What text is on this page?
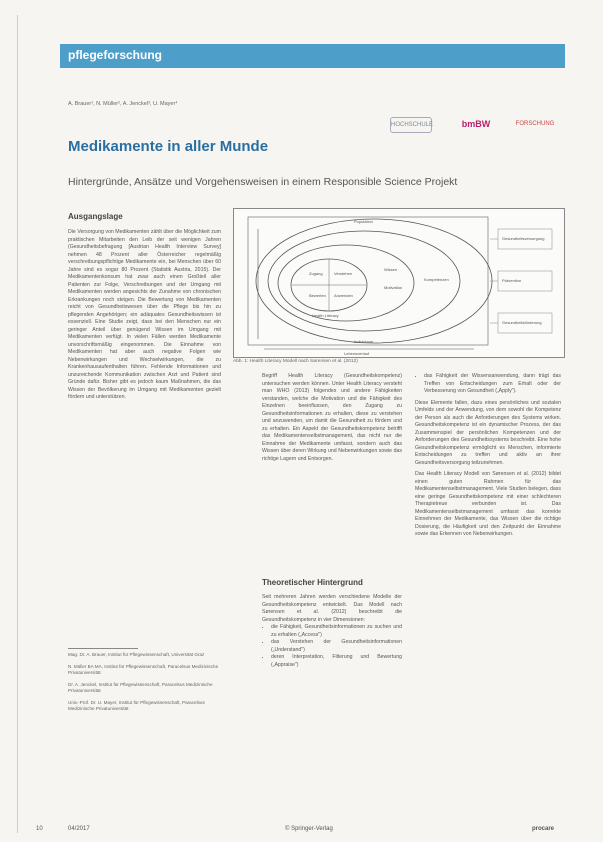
pflegeforschung
A. Brauer¹, N. Müller², A. Jenckel³, U. Mayer⁴
HOCHSCHULE	bmBW	FORSCHUNG
Medikamente in aller Munde
Hintergründe, Ansätze und Vorgehensweisen in einem Responsible Science Projekt
Ausgangslage

Die Versorgung von Medikamenten zählt über die Möglichkeit zum praktischen Mitarbeiten den Leib der seit wenigen Jahren (Gesundheitsbefragung [Austrian Health Interview Survey] nehmen 48 Prozent aller Österreicher regelmäßig verschreibungspflichtige Medikamente ein, bei Menschen über 60 Jahre sind es sogar 80 Prozent (Statistik Austria, 2015). Der Medikamentenkonsum hat zwar auch einen Großteil aller Patienten zur Folge, Verschreibungen und der Umgang mit Medikamenten werden angesichts der Zunahme von chronischen Erkrankungen noch steigen. Die Bewertung von Medikamenten reicht von Gesundheitswesen über die Pflege bis hin zu pflegenden Angehörigen; ein adäquates Gesundheitswissen ist essenziell. Eine Studie zeigt, dass bei den Menschen nur ein geringer Anteil über genügend Wissen im Umgang mit Medikamenten verfügt. In vielen Fällen werden Medikamente unvorschriftsmäßig eingenommen. Die Einnahme von Medikamenten hat aber auch negative Folgen wie Nebenwirkungen und Wechselwirkungen, die zu Krankenhausaufenthalten führen. Fehlende Informationen und unzureichende Kommunikation zwischen Arzt und Patient sind Gründe dafür. Bisher gibt es jedoch kaum Maßnahmen, die das Wissen der Bevölkerung im Umgang mit Medikamenten gezielt fördern und unterstützen.

Mag. Dr. A. Brauer, Institut für Pflegewissenschaft, Universität Graz
N. Müller BA MA, Institut für Pflegewissenschaft, Paracelsus Medizinische Privatuniversität
Dr. A. Jenckel, Institut für Pflegewissenschaft, Paracelsus Medizinische Privatuniversität
Univ.-Prof. Dr. U. Mayer, Institut für Pflegewissenschaft, Paracelsus Medizinische Privatuniversität
Zugang	Verstehen
Bewerten Anwenden
Gesundheitsversorgung
Prävention
Gesundheitsförderung
Health Literacy
Wissen
Motivation
Kompetenzen
Population
Individuum
Lebensverlauf
Abb. 1: Health Literacy Modell nach Sørensen et al. (2012)

Begriff Health Literacy (Gesundheitskompetenz) untersuchen werden können. Unter Health Literacy versteht man WHO (2013) folgendes und andere Fähigkeiten verstanden, welche die Motivation und die Fähigkeit des Einzelnen beeinflussen, den Zugang zu Gesundheitsinformationen zu erhalten, diese zu verstehen und anzuwenden, um damit die Gesundheit zu fördern und zu erhalten. Ein Aspekt der Gesundheitskompetenz betrifft das Medikamentenselbstmanagement, das nicht nur die Einnahme der Medikamente umfasst, sondern auch das Wissen über deren Wirkung und Nebenwirkungen sowie das richtige Lagern und Entsorgen.

Theoretischer Hintergrund

Seit mehreren Jahren werden verschiedene Modelle der Gesundheitskompetenz entwickelt. Das Modell nach Sørensen et al. (2012) beschreibt die Gesundheitskompetenz in vier Dimensionen:

• die Fähigkeit, Gesundheitsinformationen zu suchen und zu erhalten („Access")
• das Verstehen der Gesundheitsinformationen („Understand")
• deren Interpretation, Filterung und Bewertung („Appraise")
• das Fähigkeit der Wissensanwendung, dann trägt das Treffen von Entscheidungen zum Erhalt oder der Verbesserung von Gesundheit („Apply").

Diese Elemente fallen, dazu eines persönliches und sozialen Umfelds und der Anwendung, von dem sowohl die Kompetenz der Person als auch die Anforderungen des Systems wirken. Gesundheitskompetenz ist ein dynamischer Prozess, der das Zusammenspiel der persönlichen Kompetenzen und der Anforderungen des Gesundheitssystems beschreibt. Eine hohe Gesundheitskompetenz ermöglicht es Menschen, informierte Entscheidungen zu treffen und aktiv an ihrer Gesundheitsversorgung teilzunehmen.

Das Health Literacy Modell von Sørensen et al. (2012) bildet einen guten Rahmen für das Medikamentenselbstmanagement. Viele Studien belegen, dass eine geringe Gesundheitskompetenz mit einer schlechteren Therapietreue verbunden ist. Das Medikamentenselbstmanagement umfasst das korrekte Einnehmen der Medikamente, das Wissen über die richtige Dosierung, die Häufigkeit und den Zeitpunkt der Einnahme sowie das Erkennen von Nebenwirkungen.

10	04/2017	© Springer-Verlag	procare
